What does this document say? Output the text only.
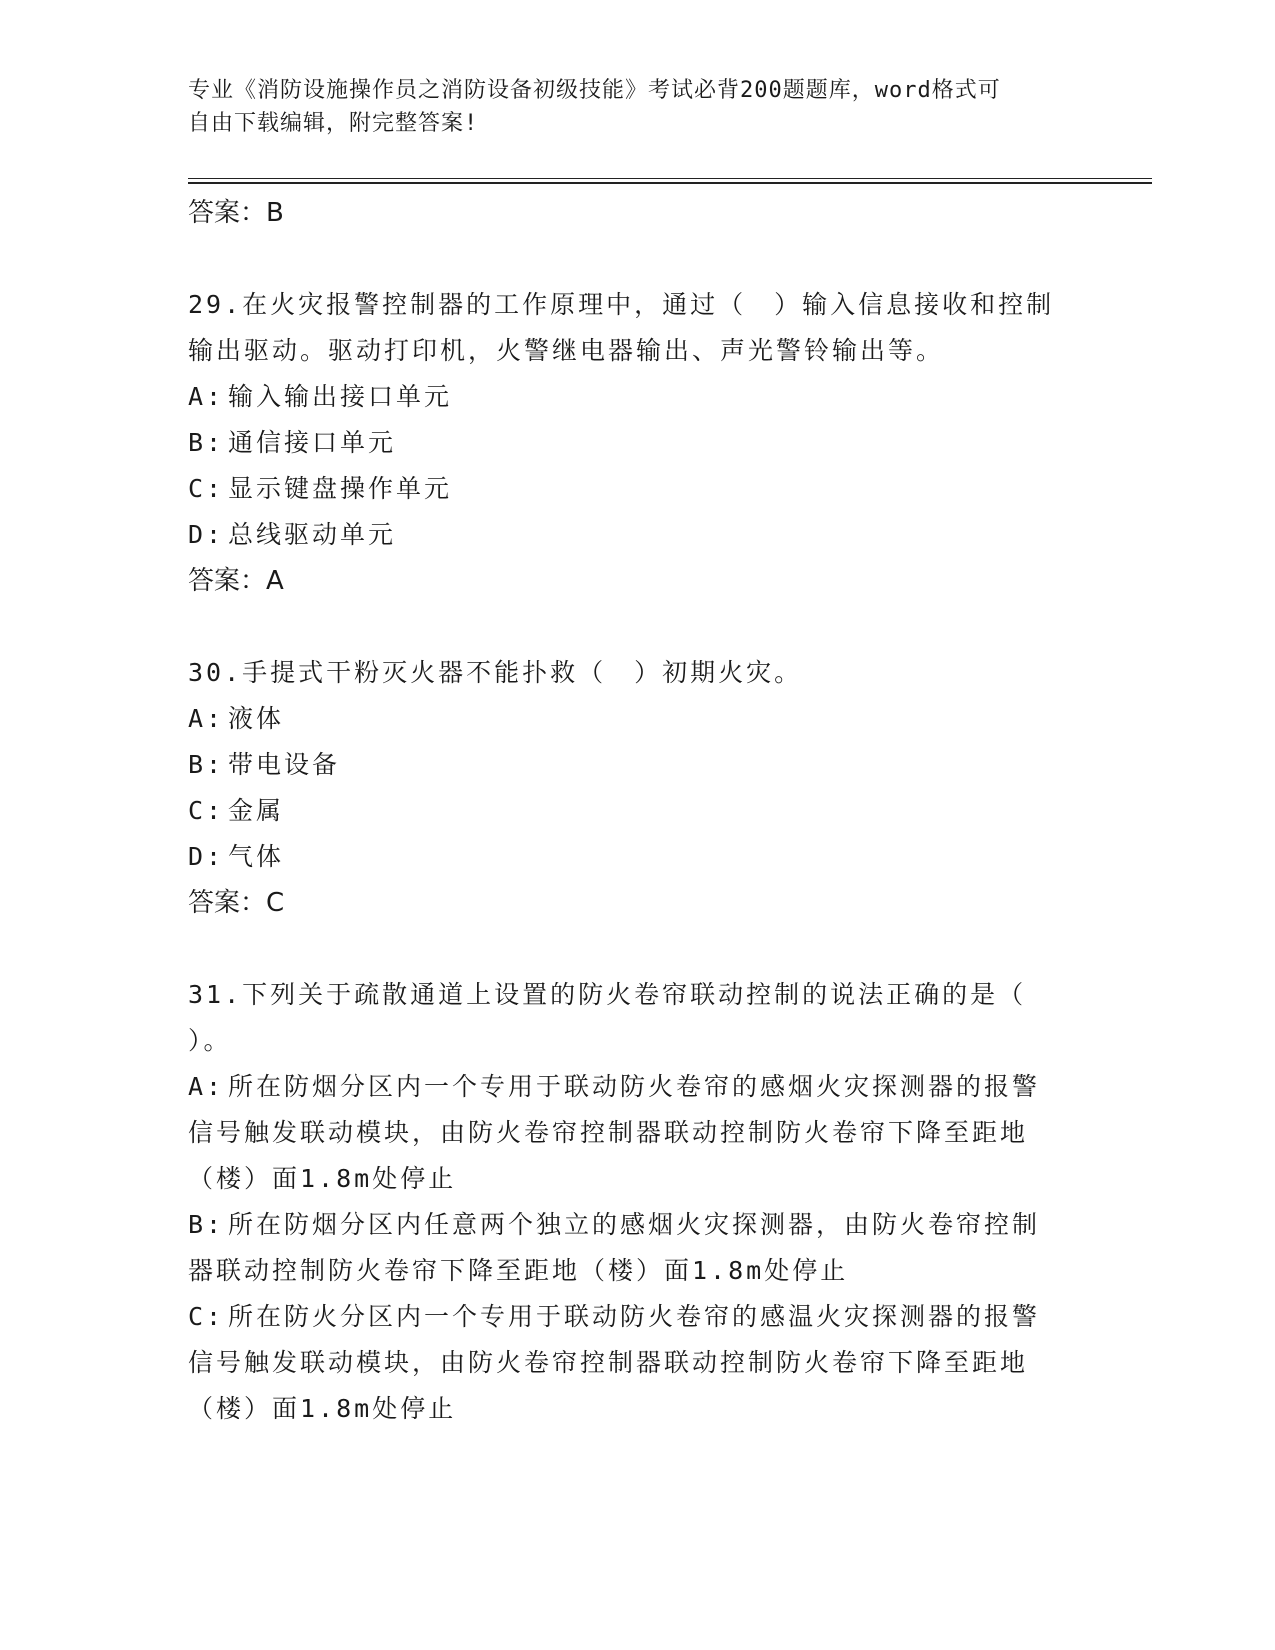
专业《消防设施操作员之消防设备初级技能》考试必背200题题库，word格式可
自由下载编辑，附完整答案!

答案：B

29.在火灾报警控制器的工作原理中，通过（　）输入信息接收和控制

输出驱动。驱动打印机，火警继电器输出、声光警铃输出等。

A: 输入输出接口单元

B: 通信接口单元

C: 显示键盘操作单元

D: 总线驱动单元

答案：A

30.手提式干粉灭火器不能扑救（　）初期火灾。

A: 液体

B: 带电设备

C: 金属

D: 气体

答案：C

31.下列关于疏散通道上设置的防火卷帘联动控制的说法正确的是（

）。

A: 所在防烟分区内一个专用于联动防火卷帘的感烟火灾探测器的报警

信号触发联动模块，由防火卷帘控制器联动控制防火卷帘下降至距地

（楼）面1.8m处停止

B: 所在防烟分区内任意两个独立的感烟火灾探测器，由防火卷帘控制

器联动控制防火卷帘下降至距地（楼）面1.8m处停止

C: 所在防火分区内一个专用于联动防火卷帘的感温火灾探测器的报警

信号触发联动模块，由防火卷帘控制器联动控制防火卷帘下降至距地

（楼）面1.8m处停止
